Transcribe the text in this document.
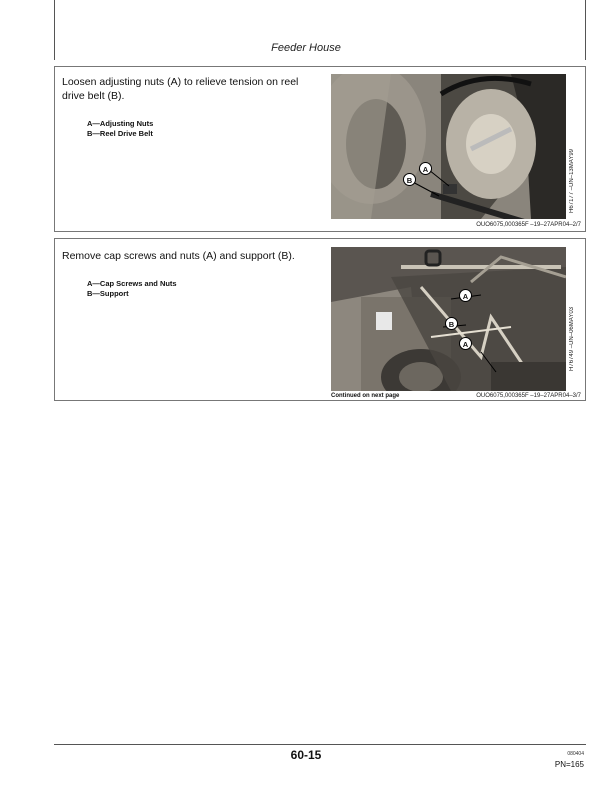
Feeder House
Loosen adjusting nuts (A) to relieve tension on reel drive belt (B).
A—Adjusting Nuts
B—Reel Drive Belt
A
B	H67177 –UN–13MAY99
OUO6075,000365F –19–27APR04–2/7
Remove cap screws and nuts (A) and support (B).
A—Cap Screws and Nuts
B—Support	A
B
A	H76749 –UN–06MAY03
Continued on next page	OUO6075,000365F –19–27APR04–3/7
60-15	080404
PN=165
